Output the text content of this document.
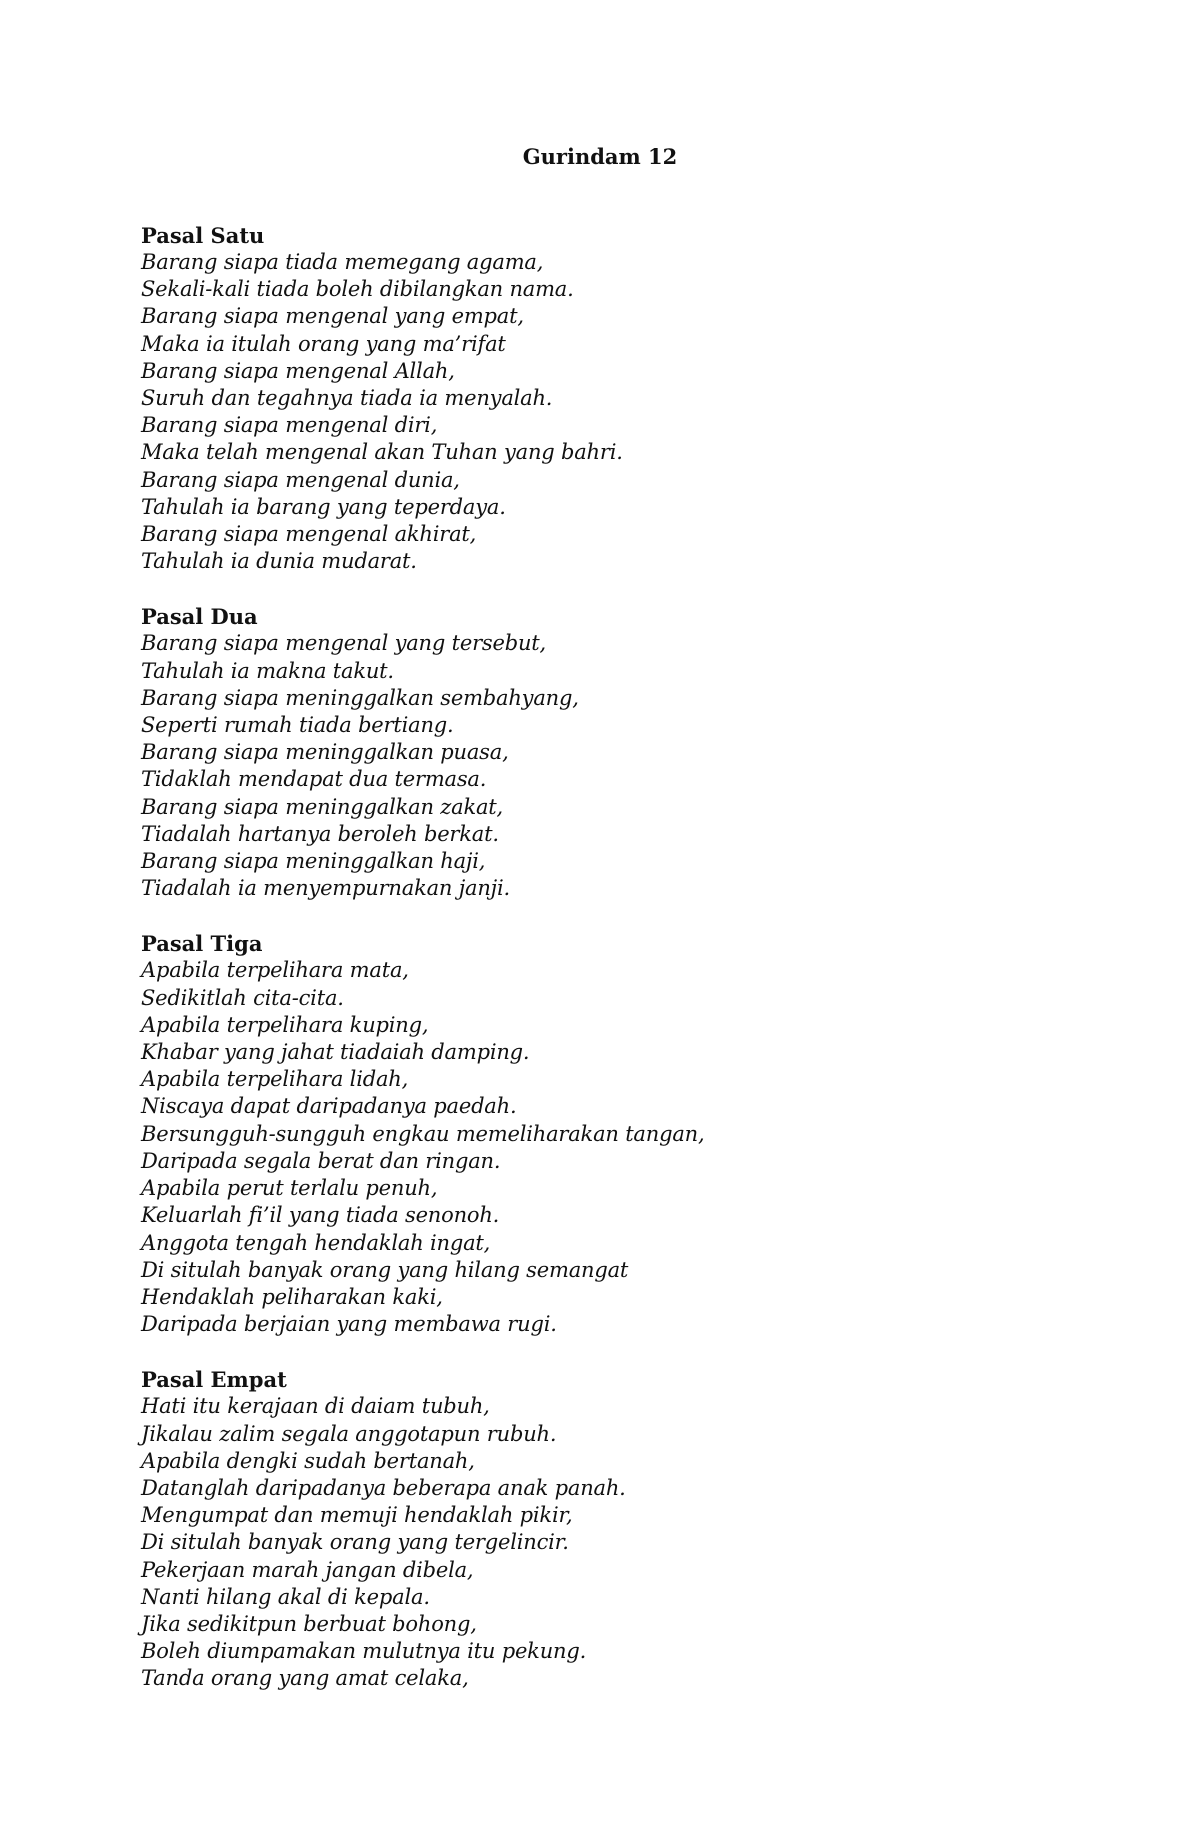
Gurindam 12
Pasal Satu
Barang siapa tiada memegang agama,
Sekali-kali tiada boleh dibilangkan nama.
Barang siapa mengenal yang empat,
Maka ia itulah orang yang ma’rifat
Barang siapa mengenal Allah,
Suruh dan tegahnya tiada ia menyalah.
Barang siapa mengenal diri,
Maka telah mengenal akan Tuhan yang bahri.
Barang siapa mengenal dunia,
Tahulah ia barang yang teperdaya.
Barang siapa mengenal akhirat,
Tahulah ia dunia mudarat.
Pasal Dua
Barang siapa mengenal yang tersebut,
Tahulah ia makna takut.
Barang siapa meninggalkan sembahyang,
Seperti rumah tiada bertiang.
Barang siapa meninggalkan puasa,
Tidaklah mendapat dua termasa.
Barang siapa meninggalkan zakat,
Tiadalah hartanya beroleh berkat.
Barang siapa meninggalkan haji,
Tiadalah ia menyempurnakan janji.
Pasal Tiga
Apabila terpelihara mata,
Sedikitlah cita-cita.
Apabila terpelihara kuping,
Khabar yang jahat tiadaiah damping.
Apabila terpelihara lidah,
Niscaya dapat daripadanya paedah.
Bersungguh-sungguh engkau memeliharakan tangan,
Daripada segala berat dan ringan.
Apabila perut terlalu penuh,
Keluarlah fi’il yang tiada senonoh.
Anggota tengah hendaklah ingat,
Di situlah banyak orang yang hilang semangat
Hendaklah peliharakan kaki,
Daripada berjaian yang membawa rugi.
Pasal Empat
Hati itu kerajaan di daiam tubuh,
Jikalau zalim segala anggotapun rubuh.
Apabila dengki sudah bertanah,
Datanglah daripadanya beberapa anak panah.
Mengumpat dan memuji hendaklah pikir,
Di situlah banyak orang yang tergelincir.
Pekerjaan marah jangan dibela,
Nanti hilang akal di kepala.
Jika sedikitpun berbuat bohong,
Boleh diumpamakan mulutnya itu pekung.
Tanda orang yang amat celaka,
